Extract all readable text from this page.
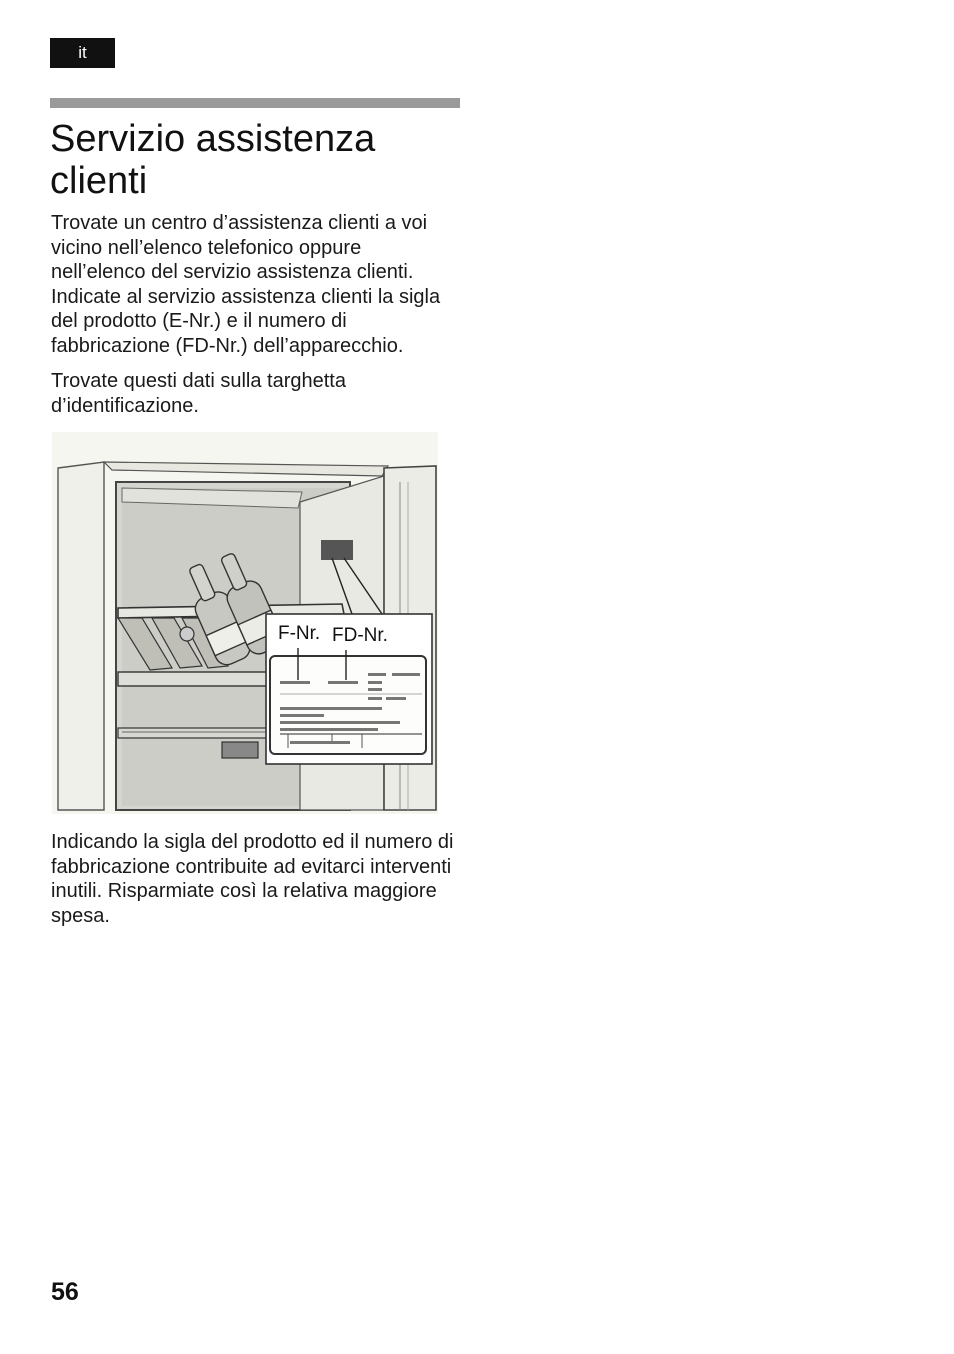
it
Servizio assistenza clienti

Trovate un centro d’assistenza clienti a voi vicino nell’elenco telefonico oppure nell’elenco del servizio assistenza clienti. Indicate al servizio assistenza clienti la sigla del prodotto (E-Nr.) e il numero di fabbricazione (FD-Nr.) dell’apparecchio.

Trovate questi dati sulla targhetta d’identificazione.

F-Nr. FD-Nr.

Indicando la sigla del prodotto ed il numero di fabbricazione contribuite ad evitarci interventi inutili. Risparmiate così la relativa maggiore spesa.

56
